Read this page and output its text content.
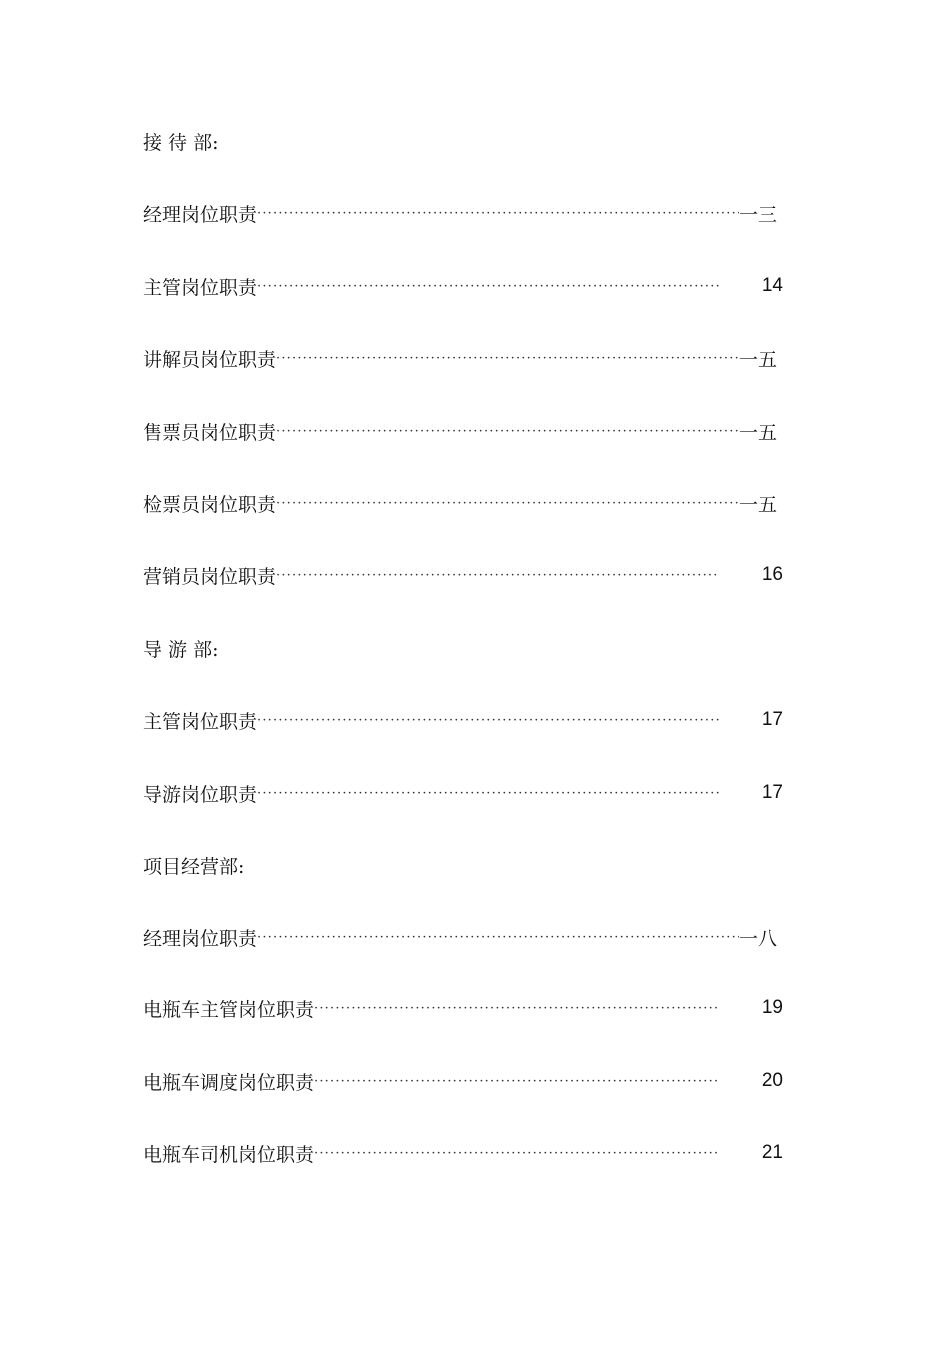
接 待 部:
经理岗位职责 ·····	一三
主管岗位职责 ·····	14
讲解员岗位职责 ·····	一五
售票员岗位职责 ·····	一五
检票员岗位职责 ·····	一五
营销员岗位职责 ·····	16
导 游 部:
主管岗位职责 ·····	17
导游岗位职责 ·····	17
项目经营部:
经理岗位职责 ·····	一八
电瓶车主管岗位职责 ·····	19
电瓶车调度岗位职责 ·····	20
电瓶车司机岗位职责 ·····	21
